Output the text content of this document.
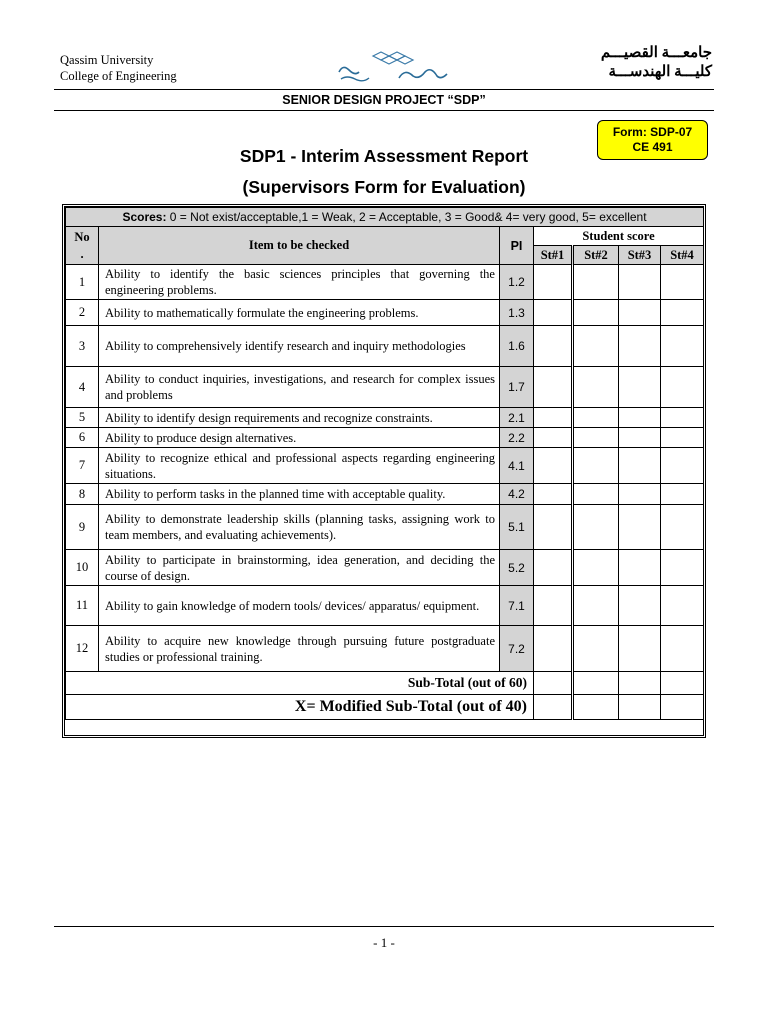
Qassim University
College of Engineering
جامعـــة القصيـــم
كليـــة الهندســـة
SENIOR DESIGN PROJECT “SDP”
Form: SDP-07
CE 491
SDP1 - Interim Assessment Report
(Supervisors Form for Evaluation)
Scores: 0 = Not exist/acceptable,1 = Weak, 2 = Acceptable, 3 = Good& 4= very good, 5= excellent						
No .	Item to be checked	PI	Student score			
			St#1	St#2	St#3	St#4
1	Ability to identify the basic sciences principles that governing the engineering problems.	1.2				
2	Ability to mathematically formulate the engineering problems.	1.3				
3	Ability to comprehensively identify research and inquiry methodologies	1.6				
4	Ability to conduct inquiries, investigations, and research for complex issues and problems	1.7				
5	Ability to identify design requirements and recognize constraints.	2.1				
6	Ability to produce design alternatives.	2.2				
7	Ability to recognize ethical and professional aspects regarding engineering situations.	4.1				
8	Ability to perform tasks in the planned time with acceptable quality.	4.2				
9	Ability to demonstrate leadership skills (planning tasks, assigning work to team members, and evaluating achievements).	5.1				
10	Ability to participate in brainstorming, idea generation, and deciding the course of design.	5.2				
11	Ability to gain knowledge of modern tools/ devices/ apparatus/ equipment.	7.1				
12	Ability to acquire new knowledge through pursuing future postgraduate studies or professional training.	7.2				
Sub-Total (out of 60)						
X= Modified Sub-Total (out of 40)						
- 1 -
